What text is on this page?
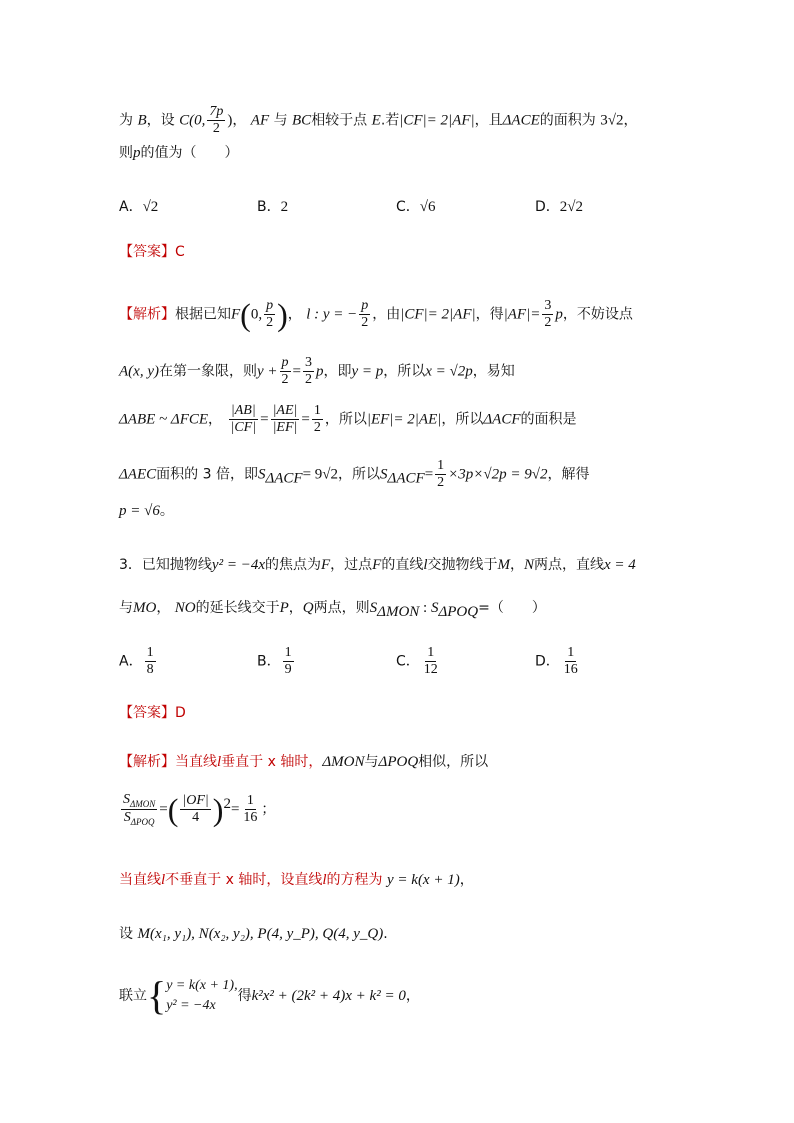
为 B，设 C(0, $\frac{7p}{2}$ )， AF 与 BC相较于点 E.若|CF|= 2|AF|，且ΔACE的面积为 3√2，
则p的值为（　　）
A．√2	B．2	C．√6	D．2√2
【答案】C
【解析】根据已知F(0, $\frac{p}{2}$ )， l : y = − $\frac{p}{2}$ ，由|CF|= 2|AF|，得$|AF|= \frac{3}{2}$ p，不妨设点
A(x, y)在第一象限，则$y + \frac{p}{2} = \frac{3}{2}$ p，即y = p，所以x = √2p，易知
ΔABE ~ ΔFCE， $\frac{|AB|}{|CF|} = \frac{|AE|}{|EF|} = \frac{1}{2}$ ，所以|EF|= 2|AE|，所以ΔACF的面积是
ΔAEC面积的 3 倍，即$S_{\Delta ACF}= 9√2$，所以$S_{\Delta ACF}= \frac{1}{2} \times 3p\times√2p = 9√2$，解得
p = √6。
3．已知抛物线y² = −4x的焦点为F，过点F的直线l交抛物线于M，N两点，直线x = 4
与MO， NO的延长线交于P，Q两点，则$S_{\Delta MON}$ : $S_{\Delta POQ}=$（　　）
A． $\frac{1}{8}$	B． $\frac{1}{9}$	C． $\frac{1}{12}$	D． $\frac{1}{16}$
【答案】D
【解析】当直线l垂直于 x 轴时，ΔMON与ΔPOQ相似，所以
$\frac{S_{\Delta MON}}{S_{\Delta POQ}}$ =( $\frac{|OF|}{4} )^2= \frac{1}{16}$ ；
当直线l不垂直于 x 轴时，设直线l的方程为 y = k(x + 1)，
设 M(x₁, y₁), N(x₂, y₂), P(4, y_P), Q(4, y_Q).
联立{ y = k(x + 1),
y² = −4x
得k²x² + (2k² + 4)x + k² = 0，
